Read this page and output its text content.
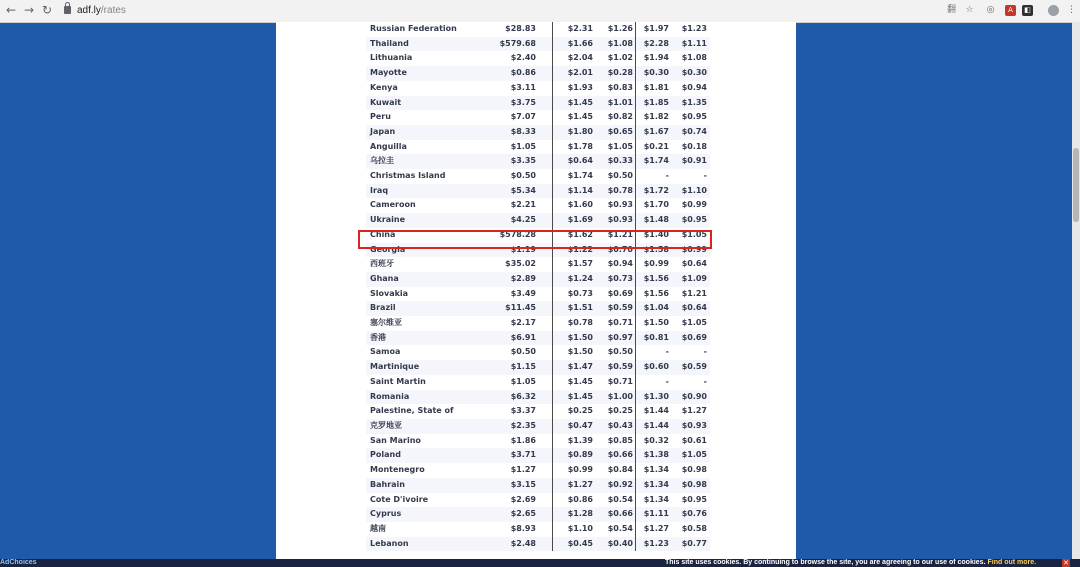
← → ↻ adf.ly/rates	翻 ☆ ◎	A	◧	⋮
Russian Federation	$28.83	$2.31	$1.26	$1.97	$1.23
Thailand	$579.68	$1.66	$1.08	$2.28	$1.11
Lithuania	$2.40	$2.04	$1.02	$1.94	$1.08
Mayotte	$0.86	$2.01	$0.28	$0.30	$0.30
Kenya	$3.11	$1.93	$0.83	$1.81	$0.94
Kuwait	$3.75	$1.45	$1.01	$1.85	$1.35
Peru	$7.07	$1.45	$0.82	$1.82	$0.95
Japan	$8.33	$1.80	$0.65	$1.67	$0.74
Anguilla	$1.05	$1.78	$1.05	$0.21	$0.18
乌拉圭	$3.35	$0.64	$0.33	$1.74	$0.91
Christmas Island	$0.50	$1.74	$0.50	-	-
Iraq	$5.34	$1.14	$0.78	$1.72	$1.10
Cameroon	$2.21	$1.60	$0.93	$1.70	$0.99
Ukraine	$4.25	$1.69	$0.93	$1.48	$0.95
China	$578.28	$1.62	$1.21	$1.40	$1.05
Georgia	$1.19	$1.22	$0.70	$1.58	$0.99
西班牙	$35.02	$1.57	$0.94	$0.99	$0.64
Ghana	$2.89	$1.24	$0.73	$1.56	$1.09
Slovakia	$3.49	$0.73	$0.69	$1.56	$1.21
Brazil	$11.45	$1.51	$0.59	$1.04	$0.64
塞尔维亚	$2.17	$0.78	$0.71	$1.50	$1.05
香港	$6.91	$1.50	$0.97	$0.81	$0.69
Samoa	$0.50	$1.50	$0.50	-	-
Martinique	$1.15	$1.47	$0.59	$0.60	$0.59
Saint Martin	$1.05	$1.45	$0.71	-	-
Romania	$6.32	$1.45	$1.00	$1.30	$0.90
Palestine, State of	$3.37	$0.25	$0.25	$1.44	$1.27
克罗地亚	$2.35	$0.47	$0.43	$1.44	$0.93
San Marino	$1.86	$1.39	$0.85	$0.32	$0.61
Poland	$3.71	$0.89	$0.66	$1.38	$1.05
Montenegro	$1.27	$0.99	$0.84	$1.34	$0.98
Bahrain	$3.15	$1.27	$0.92	$1.34	$0.98
Cote D'ivoire	$2.69	$0.86	$0.54	$1.34	$0.95
Cyprus	$2.65	$1.28	$0.66	$1.11	$0.76
越南	$8.93	$1.10	$0.54	$1.27	$0.58
Lebanon	$2.48	$0.45	$0.40	$1.23	$0.77
AdChoices	This site uses cookies. By continuing to browse the site, you are agreeing to our use of cookies. Find out more.	✕
